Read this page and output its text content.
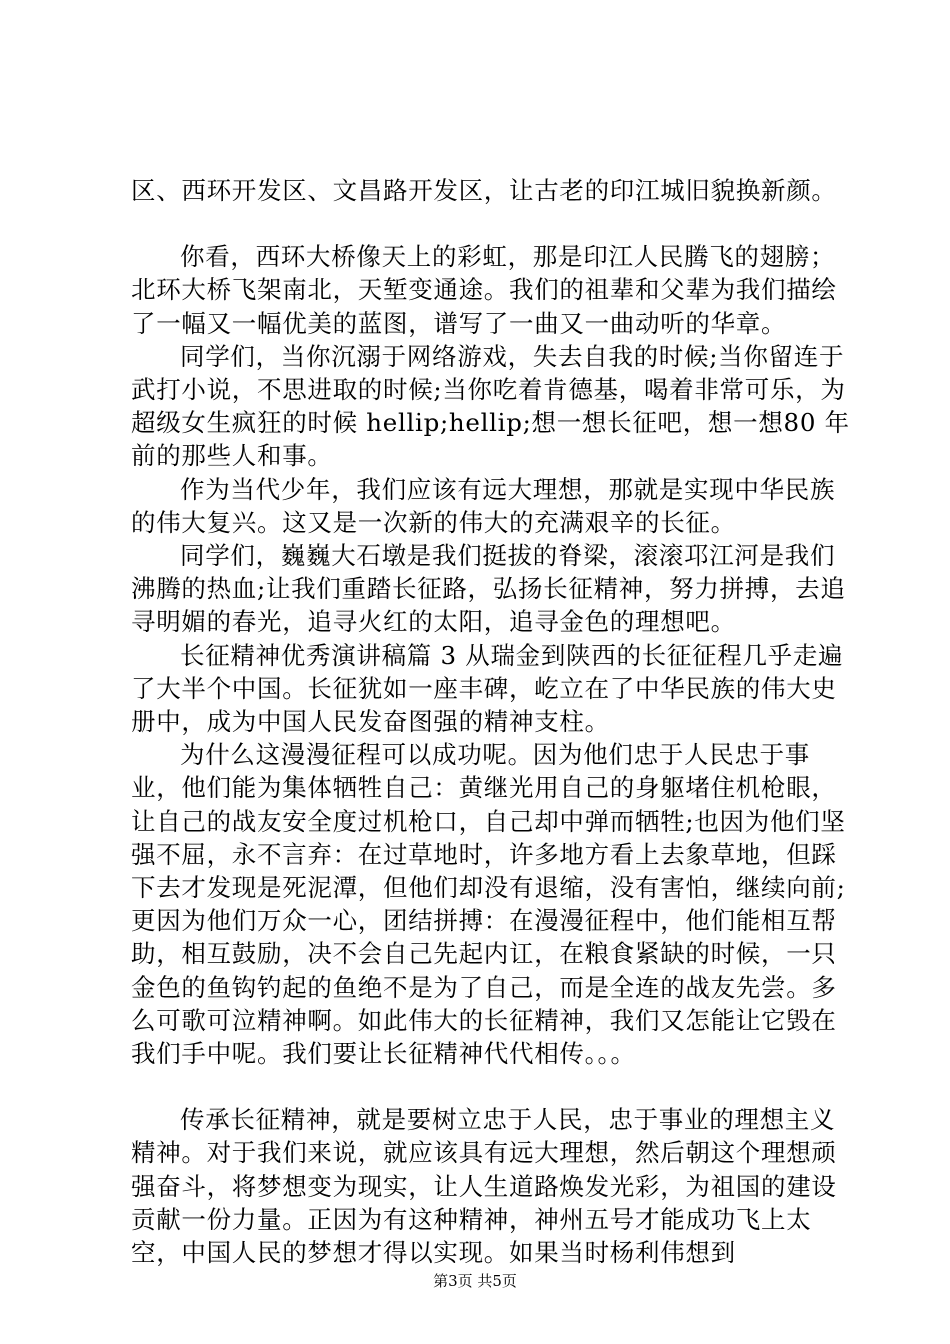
区、西环开发区、文昌路开发区，让古老的印江城旧貌换新颜。

你看，西环大桥像天上的彩虹，那是印江人民腾飞的翅膀；北环大桥飞架南北，天堑变通途。我们的祖辈和父辈为我们描绘了一幅又一幅优美的蓝图，谱写了一曲又一曲动听的华章。

同学们，当你沉溺于网络游戏，失去自我的时候;当你留连于武打小说，不思进取的时候;当你吃着肯德基，喝着非常可乐，为超级女生疯狂的时候 hellip;hellip;想一想长征吧，想一想80 年前的那些人和事。

作为当代少年，我们应该有远大理想，那就是实现中华民族的伟大复兴。这又是一次新的伟大的充满艰辛的长征。

同学们，巍巍大石墩是我们挺拔的脊梁，滚滚邛江河是我们沸腾的热血;让我们重踏长征路，弘扬长征精神，努力拼搏，去追寻明媚的春光，追寻火红的太阳，追寻金色的理想吧。

长征精神优秀演讲稿篇 3 从瑞金到陕西的长征征程几乎走遍了大半个中国。长征犹如一座丰碑，屹立在了中华民族的伟大史册中，成为中国人民发奋图强的精神支柱。

为什么这漫漫征程可以成功呢。因为他们忠于人民忠于事业，他们能为集体牺牲自己：黄继光用自己的身躯堵住机枪眼，让自己的战友安全度过机枪口，自己却中弹而牺牲;也因为他们坚强不屈，永不言弃：在过草地时，许多地方看上去象草地，但踩下去才发现是死泥潭，但他们却没有退缩，没有害怕，继续向前;更因为他们万众一心，团结拼搏：在漫漫征程中，他们能相互帮助，相互鼓励，决不会自己先起内讧，在粮食紧缺的时候，一只金色的鱼钩钓起的鱼绝不是为了自己，而是全连的战友先尝。多么可歌可泣精神啊。如此伟大的长征精神，我们又怎能让它毁在我们手中呢。我们要让长征精神代代相传。。。

传承长征精神，就是要树立忠于人民，忠于事业的理想主义精神。对于我们来说，就应该具有远大理想，然后朝这个理想顽强奋斗，将梦想变为现实，让人生道路焕发光彩，为祖国的建设贡献一份力量。正因为有这种精神，神州五号才能成功飞上太空，中国人民的梦想才得以实现。如果当时杨利伟想到

第3页 共5页
